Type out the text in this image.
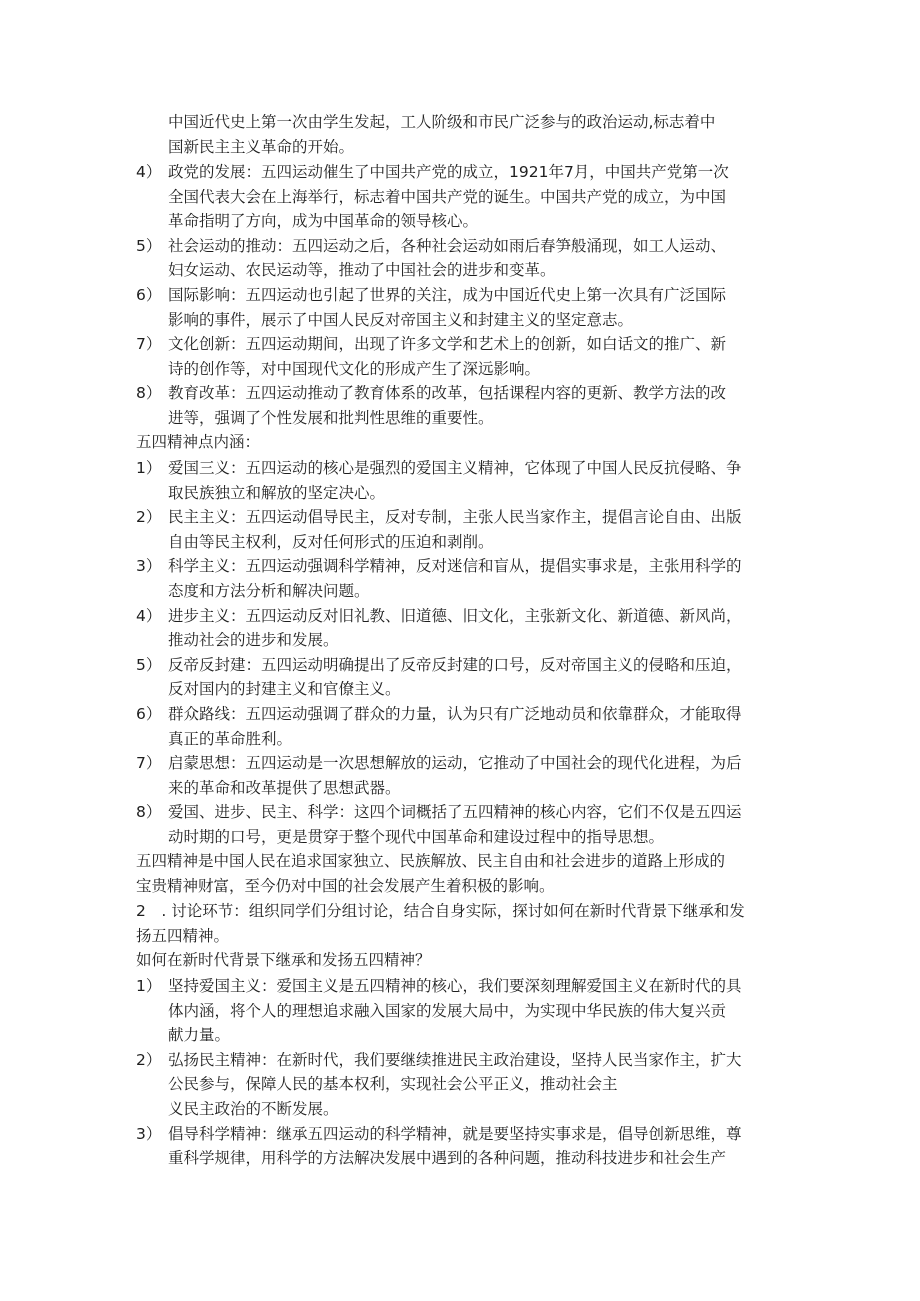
中国近代史上第一次由学生发起，工人阶级和市民广泛参与的政治运动,标志着中
国新民主主义革命的开始。
4） 政党的发展：五四运动催生了中国共产党的成立，1921年7月，中国共产党第一次
全国代表大会在上海举行，标志着中国共产党的诞生。中国共产党的成立，为中国
革命指明了方向，成为中国革命的领导核心。
5） 社会运动的推动：五四运动之后，各种社会运动如雨后春笋般涌现，如工人运动、
妇女运动、农民运动等，推动了中国社会的进步和变革。
6） 国际影响：五四运动也引起了世界的关注，成为中国近代史上第一次具有广泛国际
影响的事件，展示了中国人民反对帝国主义和封建主义的坚定意志。
7） 文化创新：五四运动期间，出现了许多文学和艺术上的创新，如白话文的推广、新
诗的创作等，对中国现代文化的形成产生了深远影响。
8） 教育改革：五四运动推动了教育体系的改革，包括课程内容的更新、教学方法的改
进等，强调了个性发展和批判性思维的重要性。
五四精神点内涵：
1） 爱国三义：五四运动的核心是强烈的爱国主义精神，它体现了中国人民反抗侵略、争
取民族独立和解放的坚定决心。
2） 民主主义：五四运动倡导民主，反对专制，主张人民当家作主，提倡言论自由、出版
自由等民主权利，反对任何形式的压迫和剥削。
3） 科学主义：五四运动强调科学精神，反对迷信和盲从，提倡实事求是，主张用科学的
态度和方法分析和解决问题。
4） 进步主义：五四运动反对旧礼教、旧道德、旧文化，主张新文化、新道德、新风尚，
推动社会的进步和发展。
5） 反帝反封建：五四运动明确提出了反帝反封建的口号，反对帝国主义的侵略和压迫，
反对国内的封建主义和官僚主义。
6） 群众路线：五四运动强调了群众的力量，认为只有广泛地动员和依靠群众，才能取得
真正的革命胜利。
7） 启蒙思想：五四运动是一次思想解放的运动，它推动了中国社会的现代化进程，为后
来的革命和改革提供了思想武器。
8） 爱国、进步、民主、科学：这四个词概括了五四精神的核心内容，它们不仅是五四运
动时期的口号，更是贯穿于整个现代中国革命和建设过程中的指导思想。
五四精神是中国人民在追求国家独立、民族解放、民主自由和社会进步的道路上形成的
宝贵精神财富，至今仍对中国的社会发展产生着积极的影响。
2　. 讨论环节：组织同学们分组讨论，结合自身实际，探讨如何在新时代背景下继承和发
扬五四精神。
如何在新时代背景下继承和发扬五四精神？
1） 坚持爱国主义：爱国主义是五四精神的核心，我们要深刻理解爱国主义在新时代的具
体内涵，将个人的理想追求融入国家的发展大局中，为实现中华民族的伟大复兴贡
献力量。
2） 弘扬民主精神：在新时代，我们要继续推进民主政治建设，坚持人民当家作主，扩大
公民参与，保障人民的基本权利，实现社会公平正义，推动社会主
义民主政治的不断发展。
3） 倡导科学精神：继承五四运动的科学精神，就是要坚持实事求是，倡导创新思维，尊
重科学规律，用科学的方法解决发展中遇到的各种问题，推动科技进步和社会生产
